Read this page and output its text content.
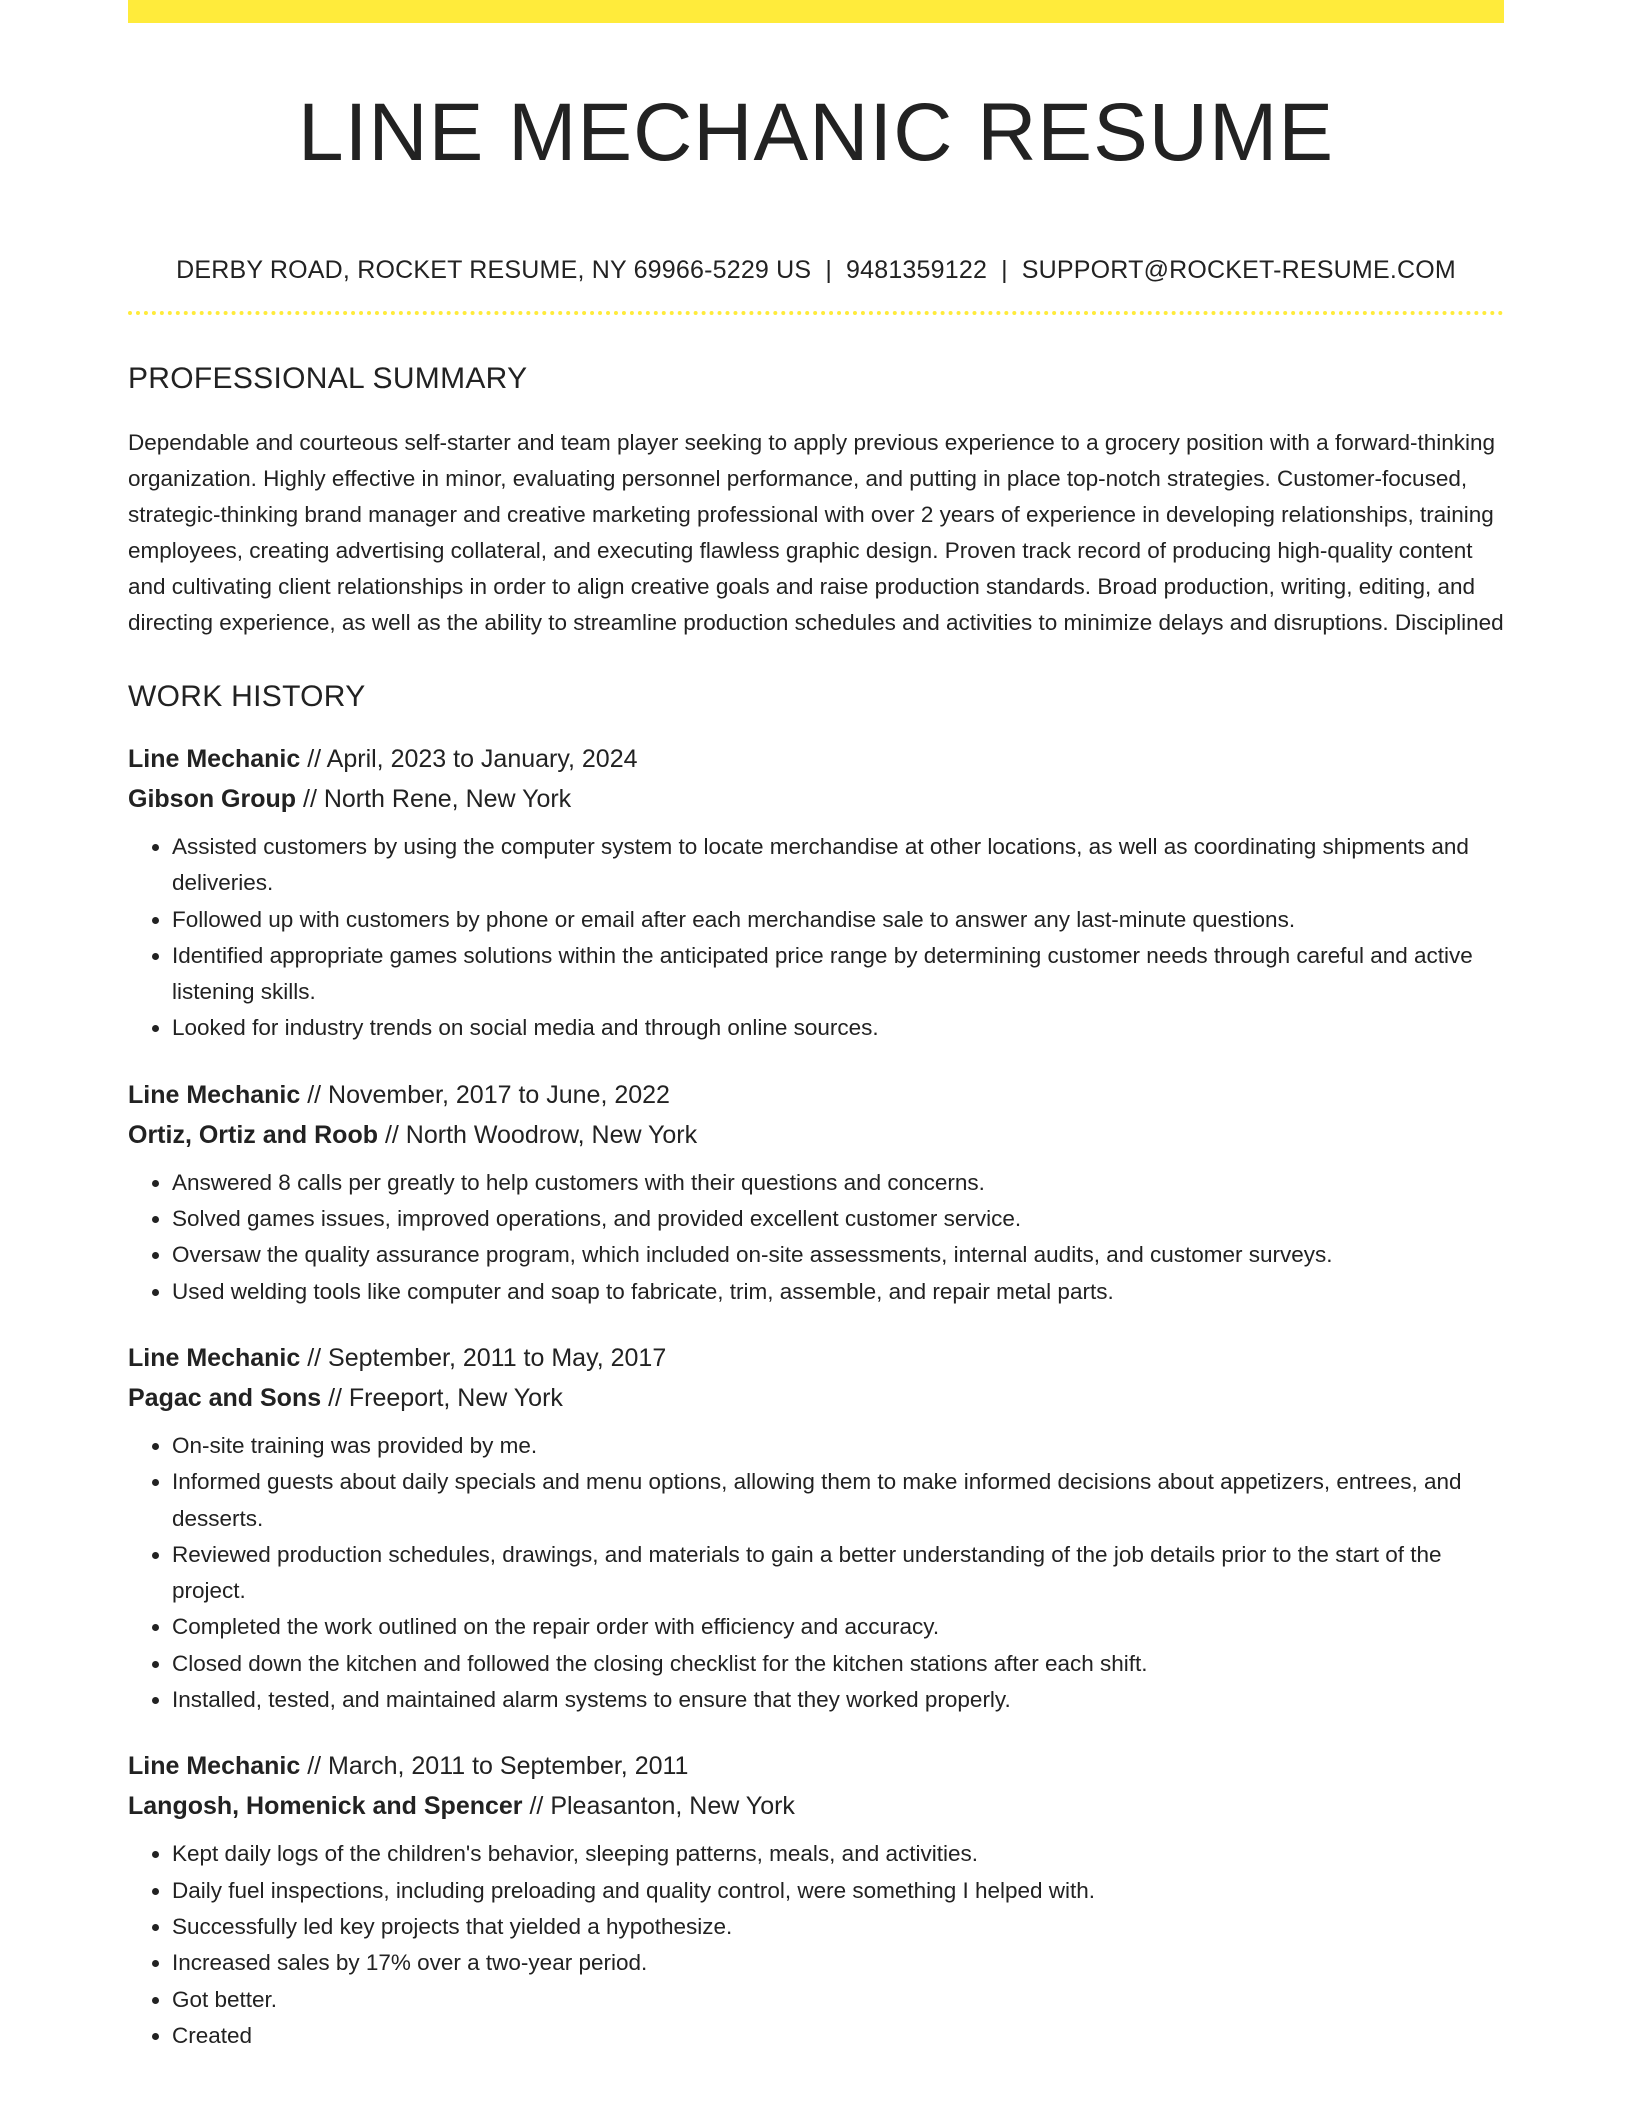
LINE MECHANIC RESUME
DERBY ROAD, ROCKET RESUME, NY 69966-5229 US | 9481359122 | SUPPORT@ROCKET-RESUME.COM
PROFESSIONAL SUMMARY

Dependable and courteous self-starter and team player seeking to apply previous experience to a grocery position with a forward-thinking organization. Highly effective in minor, evaluating personnel performance, and putting in place top-notch strategies. Customer-focused, strategic-thinking brand manager and creative marketing professional with over 2 years of experience in developing relationships, training employees, creating advertising collateral, and executing flawless graphic design. Proven track record of producing high-quality content and cultivating client relationships in order to align creative goals and raise production standards. Broad production, writing, editing, and directing experience, as well as the ability to streamline production schedules and activities to minimize delays and disruptions. Disciplined

WORK HISTORY
Line Mechanic // April, 2023 to January, 2024
Gibson Group // North Rene, New York
• Assisted customers by using the computer system to locate merchandise at other locations, as well as coordinating shipments and deliveries.
• Followed up with customers by phone or email after each merchandise sale to answer any last-minute questions.
• Identified appropriate games solutions within the anticipated price range by determining customer needs through careful and active listening skills.
• Looked for industry trends on social media and through online sources.
Line Mechanic // November, 2017 to June, 2022
Ortiz, Ortiz and Roob // North Woodrow, New York
• Answered 8 calls per greatly to help customers with their questions and concerns.
• Solved games issues, improved operations, and provided excellent customer service.
• Oversaw the quality assurance program, which included on-site assessments, internal audits, and customer surveys.
• Used welding tools like computer and soap to fabricate, trim, assemble, and repair metal parts.
Line Mechanic // September, 2011 to May, 2017
Pagac and Sons // Freeport, New York
• On-site training was provided by me.
• Informed guests about daily specials and menu options, allowing them to make informed decisions about appetizers, entrees, and desserts.
• Reviewed production schedules, drawings, and materials to gain a better understanding of the job details prior to the start of the project.
• Completed the work outlined on the repair order with efficiency and accuracy.
• Closed down the kitchen and followed the closing checklist for the kitchen stations after each shift.
• Installed, tested, and maintained alarm systems to ensure that they worked properly.
Line Mechanic // March, 2011 to September, 2011
Langosh, Homenick and Spencer // Pleasanton, New York
• Kept daily logs of the children's behavior, sleeping patterns, meals, and activities.
• Daily fuel inspections, including preloading and quality control, were something I helped with.
• Successfully led key projects that yielded a hypothesize.
• Increased sales by 17% over a two-year period.
• Got better.
• Created
